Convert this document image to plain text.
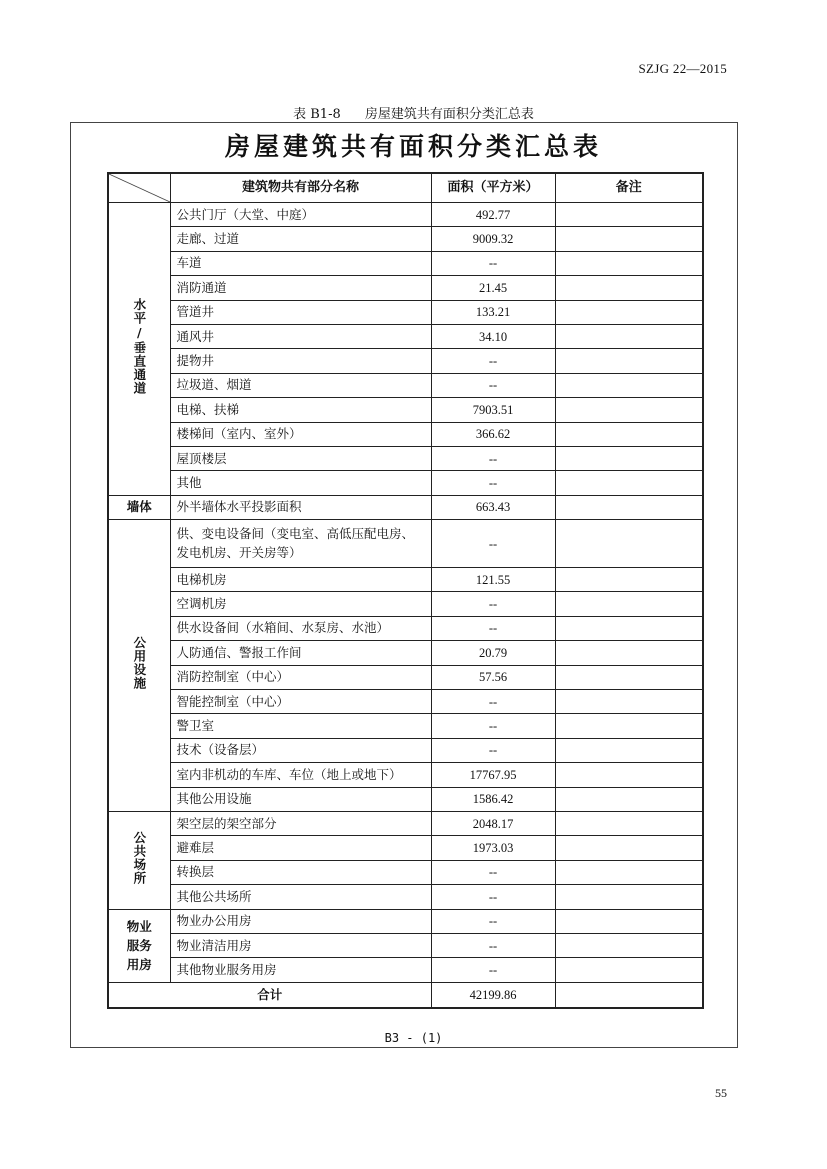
SZJG 22—2015
表 B1-8 房屋建筑共有面积分类汇总表
房屋建筑共有面积分类汇总表
	建筑物共有部分名称	面积（平方米）	备注
水平/垂直通道	公共门厅（大堂、中庭）	492.77	
	走廊、过道	9009.32	
	车道	--	
	消防通道	21.45	
	管道井	133.21	
	通风井	34.10	
	提物井	--	
	垃圾道、烟道	--	
	电梯、扶梯	7903.51	
	楼梯间（室内、室外）	366.62	
	屋顶楼层	--	
	其他	--	
墙体	外半墙体水平投影面积	663.43	
公用设施	供、变电设备间（变电室、高低压配电房、发电机房、开关房等）	--	
	电梯机房	121.55	
	空调机房	--	
	供水设备间（水箱间、水泵房、水池）	--	
	人防通信、警报工作间	20.79	
	消防控制室（中心）	57.56	
	智能控制室（中心）	--	
	警卫室	--	
	技术（设备层）	--	
	室内非机动的车库、车位（地上或地下）	17767.95	
	其他公用设施	1586.42	
公共场所	架空层的架空部分	2048.17	
	避难层	1973.03	
	转换层	--	
	其他公共场所	--	
物业服务用房	物业办公用房	--	
	物业清洁用房	--	
	其他物业服务用房	--	
合计		42199.86	
B3 - (1)
55
